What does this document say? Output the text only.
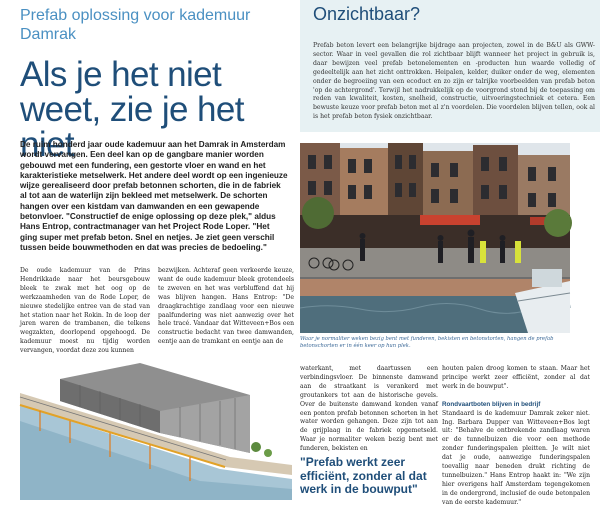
Prefab oplossing voor kademuur Damrak
Als je het niet weet, zie je het niet
Onzichtbaar?
Prefab beton levert een belangrijke bijdrage aan projecten, zowel in de B&U als GWW-sector. Waar in veel gevallen die rol zichtbaar blijft wanneer het project in gebruik is, daar bewijzen veel prefab betonelementen en -producten hun waarde volledig of gedeeltelijk aan het zicht onttrokken. Heipalen, kelder, duiker onder de weg, elementen onder de begroeiing van een ecoduct en zo zijn er talrijke voorbeelden van prefab beton 'op de achtergrond'. Terwijl het nadrukkelijk op de voorgrond stond bij de toepassing om reden van kwaliteit, kosten, snelheid, constructie, uitvoeringstechniek et cetera. Een bewuste keuze voor prefab beton met al z'n voordelen. Die voordelen blijven tellen, ook al is het prefab beton fysiek onzichtbaar.
De ruim honderd jaar oude kademuur aan het Damrak in Amsterdam wordt vervangen. Een deel kan op de gangbare manier worden gebouwd met een fundering, een gestorte vloer en wand en het karakteristieke metselwerk. Het andere deel wordt op een ingenieuze wijze gerealiseerd door prefab betonnen schorten, die in de fabriek al tot aan de waterlijn zijn bekleed met metselwerk. De schorten hangen over een kistdam van damwanden en een gewapende betonvloer. "Constructief de enige oplossing op deze plek," aldus Hans Entrop, contractmanager van het Project Rode Loper. "Het ging super met prefab beton. Snel en netjes. Je ziet geen verschil tussen beide bouwmethoden en dat was precies de bedoeling."
De oude kademuur van de Prins Hendrikkade naar het beursgebouw bleek te zwak met het oog op de werkzaamheden van de Rode Loper, de nieuwe stedelijke entree van de stad van het station naar het Rokin. In de loop der jaren waren de trambanen, die telkens wegzakten, doorlopend opgehoogd. De kademuur moest nu tijdig worden vervangen, voordat deze zou kunnen
bezwijken. Achteraf geen verkeerde keuze, want de oude kademuur bleek grotendeels te zweven en het was verbluffend dat hij was blijven hangen. Hans Entrop: "De draagkrachtige zandlaag voor een nieuwe paalfundering was niet aanwezig over het hele tracé. Vandaar dat Witteveen+Bos een constructie bedacht van twee damwanden, eentje aan de tramkant en eentje aan de	Waar je normaliter weken bezig bent met funderen, bekisten en betonstorten, hangen de prefab betonschorten er in één keer op hun plek.
waterkant, met daartussen een verbindingsvloer. De binnenste damwand aan de straatkant is verankerd met groutankers tot aan de historische gevels. Over de buitenste damwand konden vanaf een ponton prefab betonnen schorten in het water worden gehangen. Deze zijn tot aan de grijplaag in de fabriek opgemetseld. Waar je normaliter weken bezig bent met funderen, bekisten en
"Prefab werkt zeer efficiënt, zonder al dat werk in de bouwput"
houten palen droog komen te staan. Maar het principe werkt zeer efficiënt, zonder al dat werk in de bouwput".
Rondvaartboten blijven in bedrijf
Standaard is de kademuur Damrak zeker niet. Ing. Barbara Dupper van Witteveen+Bos legt uit: "Behalve de ontbrekende zandlaag waren er de tunnelbuizen die voor een methode zonder funderingspalen pleitten. Je wilt niet dat je oude, aanwezige funderingspalen toevallig naar beneden drukt richting de tunnelbuizen." Hans Entrop haakt in: "We zijn hier overigens half Amsterdam tegengekomen in de ondergrond, inclusief de oude betonpalen van de eerste kademuur."
